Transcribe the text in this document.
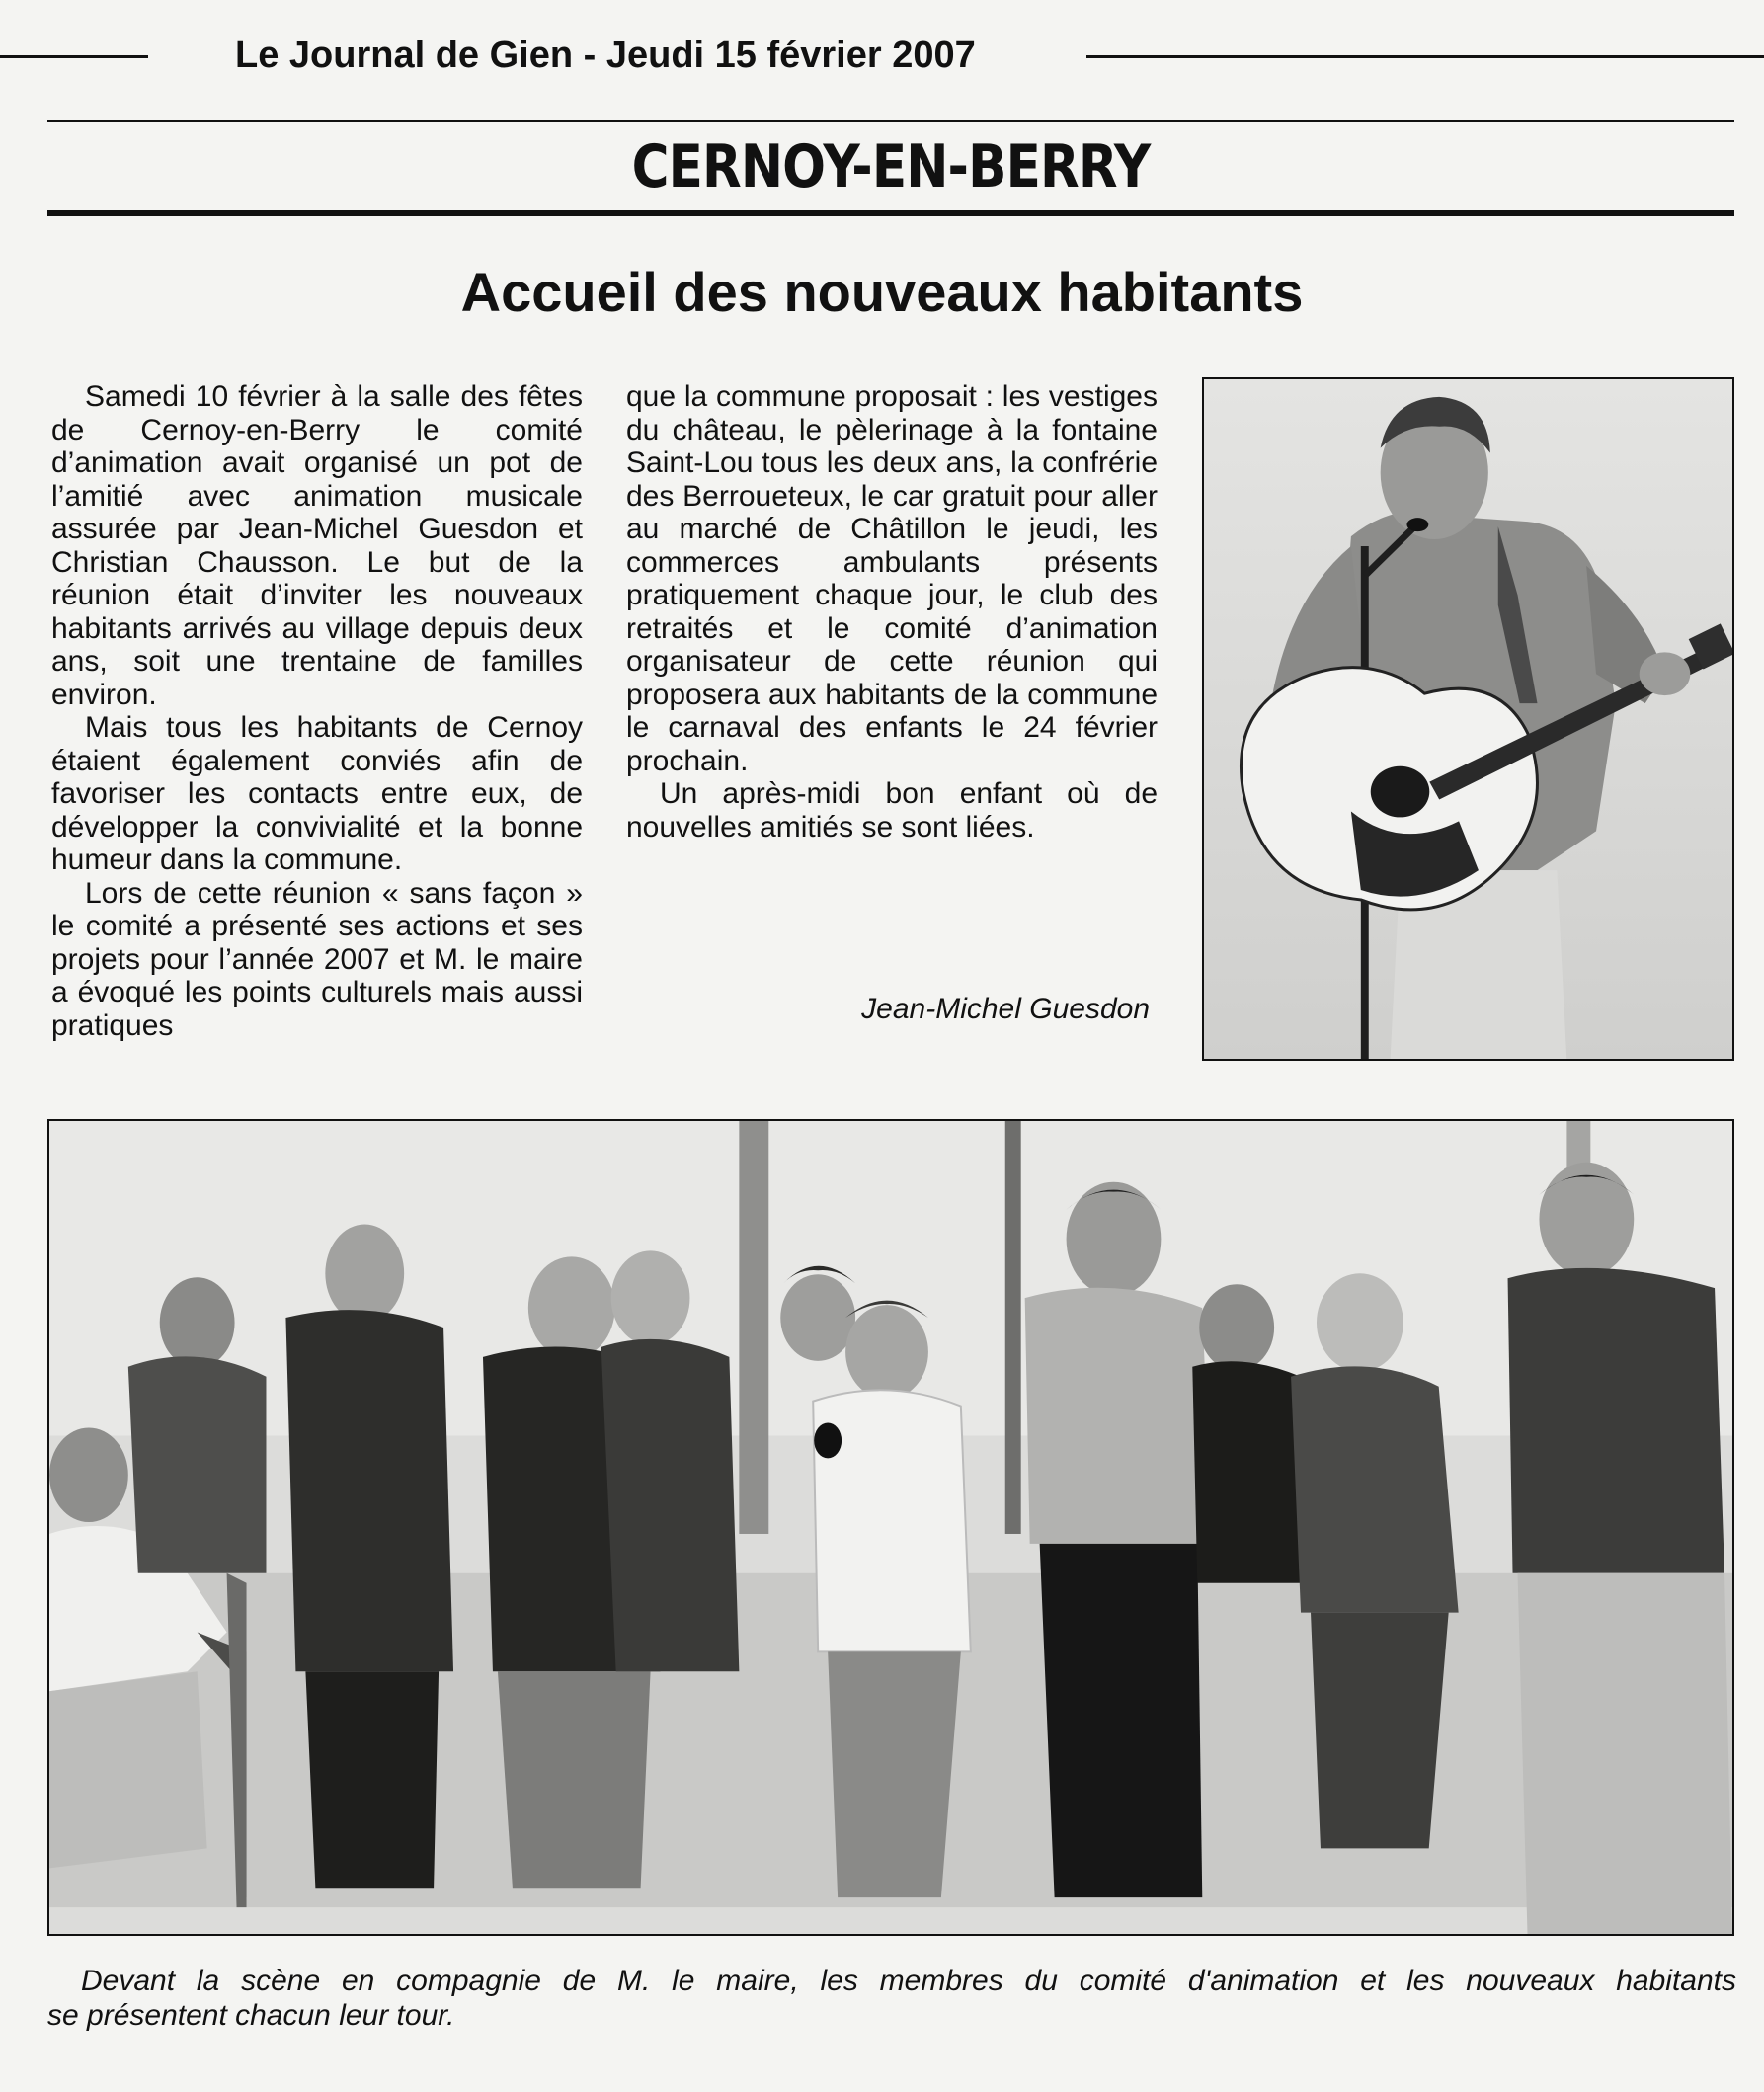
Le Journal de Gien - Jeudi 15 février 2007
CERNOY-EN-BERRY
Accueil des nouveaux habitants

Samedi 10 février à la salle des fêtes de Cernoy-en-Berry le comité d’animation avait organisé un pot de l’amitié avec animation musicale assurée par Jean-Michel Guesdon et Christian Chausson. Le but de la réunion était d’inviter les nouveaux habitants arrivés au village depuis deux ans, soit une trentaine de familles environ.

Mais tous les habitants de Cernoy étaient également conviés afin de favoriser les contacts entre eux, de développer la convivialité et la bonne humeur dans la commune.

Lors de cette réunion « sans façon » le comité a présenté ses actions et ses projets pour l’année 2007 et M. le maire a évoqué les points culturels mais aussi pratiques

que la commune proposait : les vestiges du château, le pèlerinage à la fontaine Saint-Lou tous les deux ans, la confrérie des Berroueteux, le car gratuit pour aller au marché de Châtillon le jeudi, les commerces ambulants présents pratiquement chaque jour, le club des retraités et le comité d’animation organisateur de cette réunion qui proposera aux habitants de la commune le carnaval des enfants le 24 février prochain.

Un après-midi bon enfant où de nouvelles amitiés se sont liées.

Jean-Michel Guesdon
Devant la scène en compagnie de M. le maire, les membres du comité d'animation et les nouveaux habitants
se présentent chacun leur tour.
